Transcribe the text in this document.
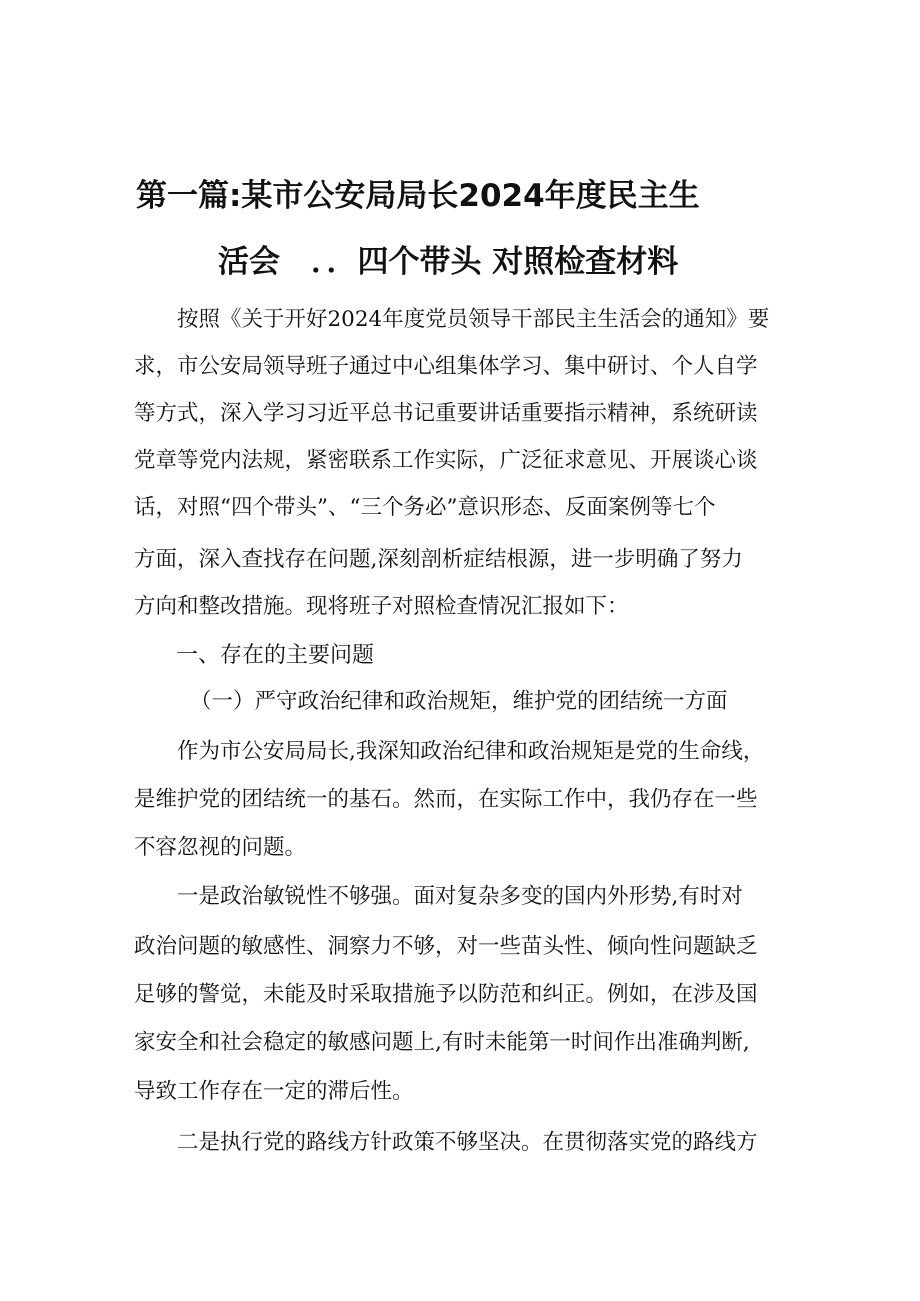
第一篇:某市公安局局长2024年度民主生
活会　．．四个带头 对照检查材料
　　按照《关于开好2024年度党员领导干部民主生活会的通知》要
求，市公安局领导班子通过中心组集体学习、集中研讨、个人自学
等方式，深入学习习近平总书记重要讲话重要指示精神，系统研读
党章等党内法规，紧密联系工作实际，广泛征求意见、开展谈心谈
话，对照“四个带头”、“三个务必”意识形态、反面案例等七个
方面，深入查找存在问题,深刻剖析症结根源，进一步明确了努力
方向和整改措施。现将班子对照检查情况汇报如下：
一、存在的主要问题
（一）严守政治纪律和政治规矩，维护党的团结统一方面
　　作为市公安局局长,我深知政治纪律和政治规矩是党的生命线，
是维护党的团结统一的基石。然而，在实际工作中，我仍存在一些
不容忽视的问题。
　　一是政治敏锐性不够强。面对复杂多变的国内外形势,有时对
政治问题的敏感性、洞察力不够，对一些苗头性、倾向性问题缺乏
足够的警觉，未能及时采取措施予以防范和纠正。例如，在涉及国
家安全和社会稳定的敏感问题上,有时未能第一时间作出准确判断,
导致工作存在一定的滞后性。
　　二是执行党的路线方针政策不够坚决。在贯彻落实党的路线方
